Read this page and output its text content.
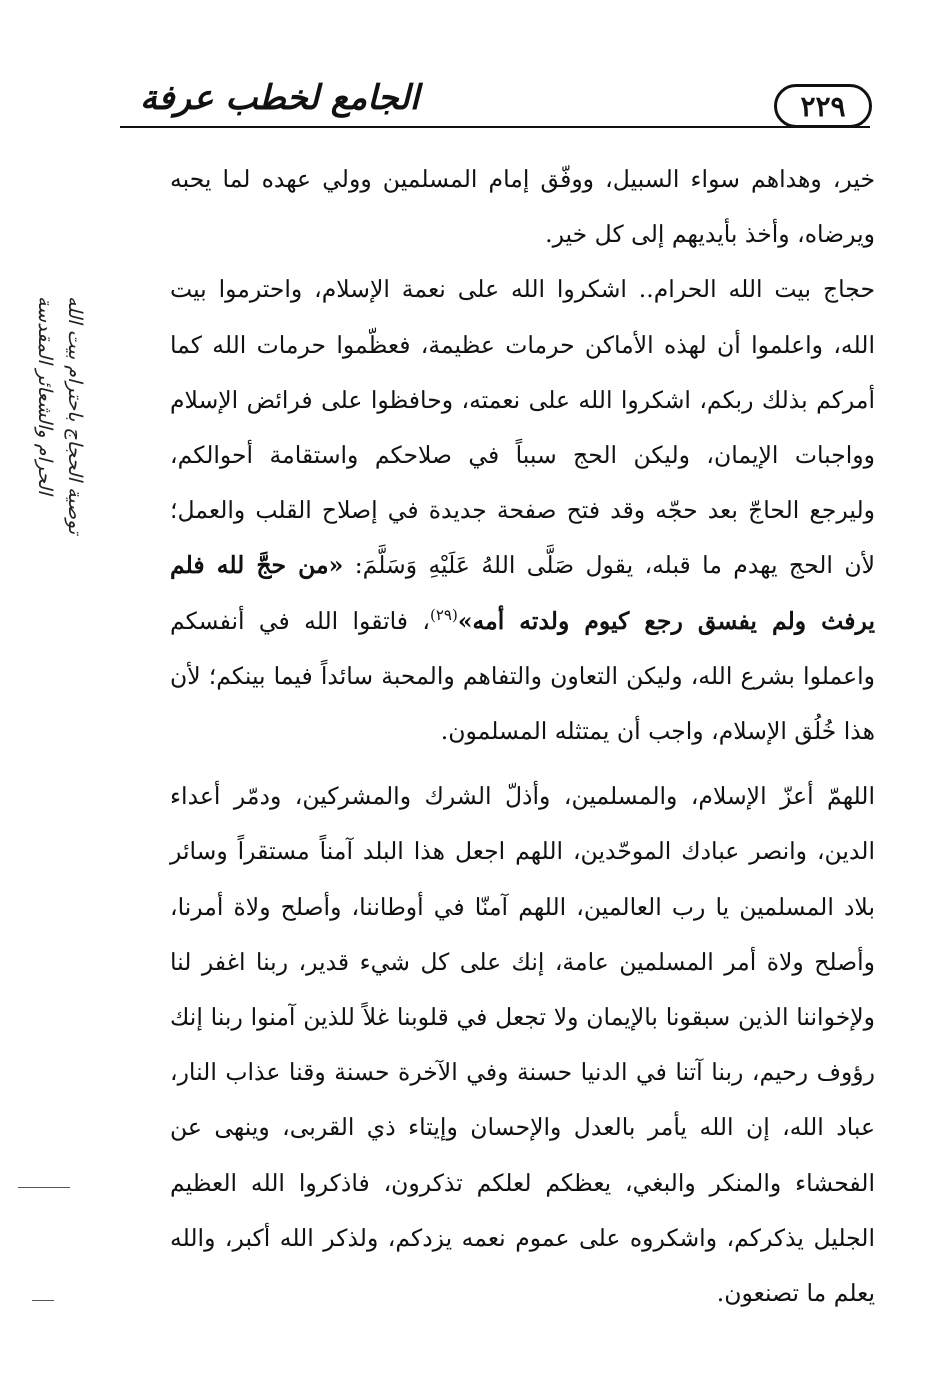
٢٢٩
الجامع لخطب عرفة
توصية الحجاج باحترام بيت الله
الحرام والشعائر المقدسة

خير، وهداهم سواء السبيل، ووفّق إمام المسلمين وولي عهده لما يحبه ويرضاه، وأخذ بأيديهم إلى كل خير.

حجاج بيت الله الحرام.. اشكروا الله على نعمة الإسلام، واحترموا بيت الله، واعلموا أن لهذه الأماكن حرمات عظيمة، فعظّموا حرمات الله كما أمركم بذلك ربكم، اشكروا الله على نعمته، وحافظوا على فرائض الإسلام وواجبات الإيمان، وليكن الحج سبباً في صلاحكم واستقامة أحوالكم، وليرجع الحاجّ بعد حجّه وقد فتح صفحة جديدة في إصلاح القلب والعمل؛ لأن الحج يهدم ما قبله، يقول صَلَّى اللهُ عَلَيْهِ وَسَلَّمَ: «من حجَّ لله فلم يرفث ولم يفسق رجع كيوم ولدته أمه»$^{(٢٩)}$، فاتقوا الله في أنفسكم واعملوا بشرع الله، وليكن التعاون والتفاهم والمحبة سائداً فيما بينكم؛ لأن هذا خُلُق الإسلام، واجب أن يمتثله المسلمون.

اللهمّ أعزّ الإسلام، والمسلمين، وأذلّ الشرك والمشركين، ودمّر أعداء الدين، وانصر عبادك الموحّدين، اللهم اجعل هذا البلد آمناً مستقراً وسائر بلاد المسلمين يا رب العالمين، اللهم آمنّا في أوطاننا، وأصلح ولاة أمرنا، وأصلح ولاة أمر المسلمين عامة، إنك على كل شيء قدير، ربنا اغفر لنا ولإخواننا الذين سبقونا بالإيمان ولا تجعل في قلوبنا غلاً للذين آمنوا ربنا إنك رؤوف رحيم، ربنا آتنا في الدنيا حسنة وفي الآخرة حسنة وقنا عذاب النار، عباد الله، إن الله يأمر بالعدل والإحسان وإيتاء ذي القربى، وينهى عن الفحشاء والمنكر والبغي، يعظكم لعلكم تذكرون، فاذكروا الله العظيم الجليل يذكركم، واشكروه على عموم نعمه يزدكم، ولذكر الله أكبر، والله يعلم ما تصنعون.
